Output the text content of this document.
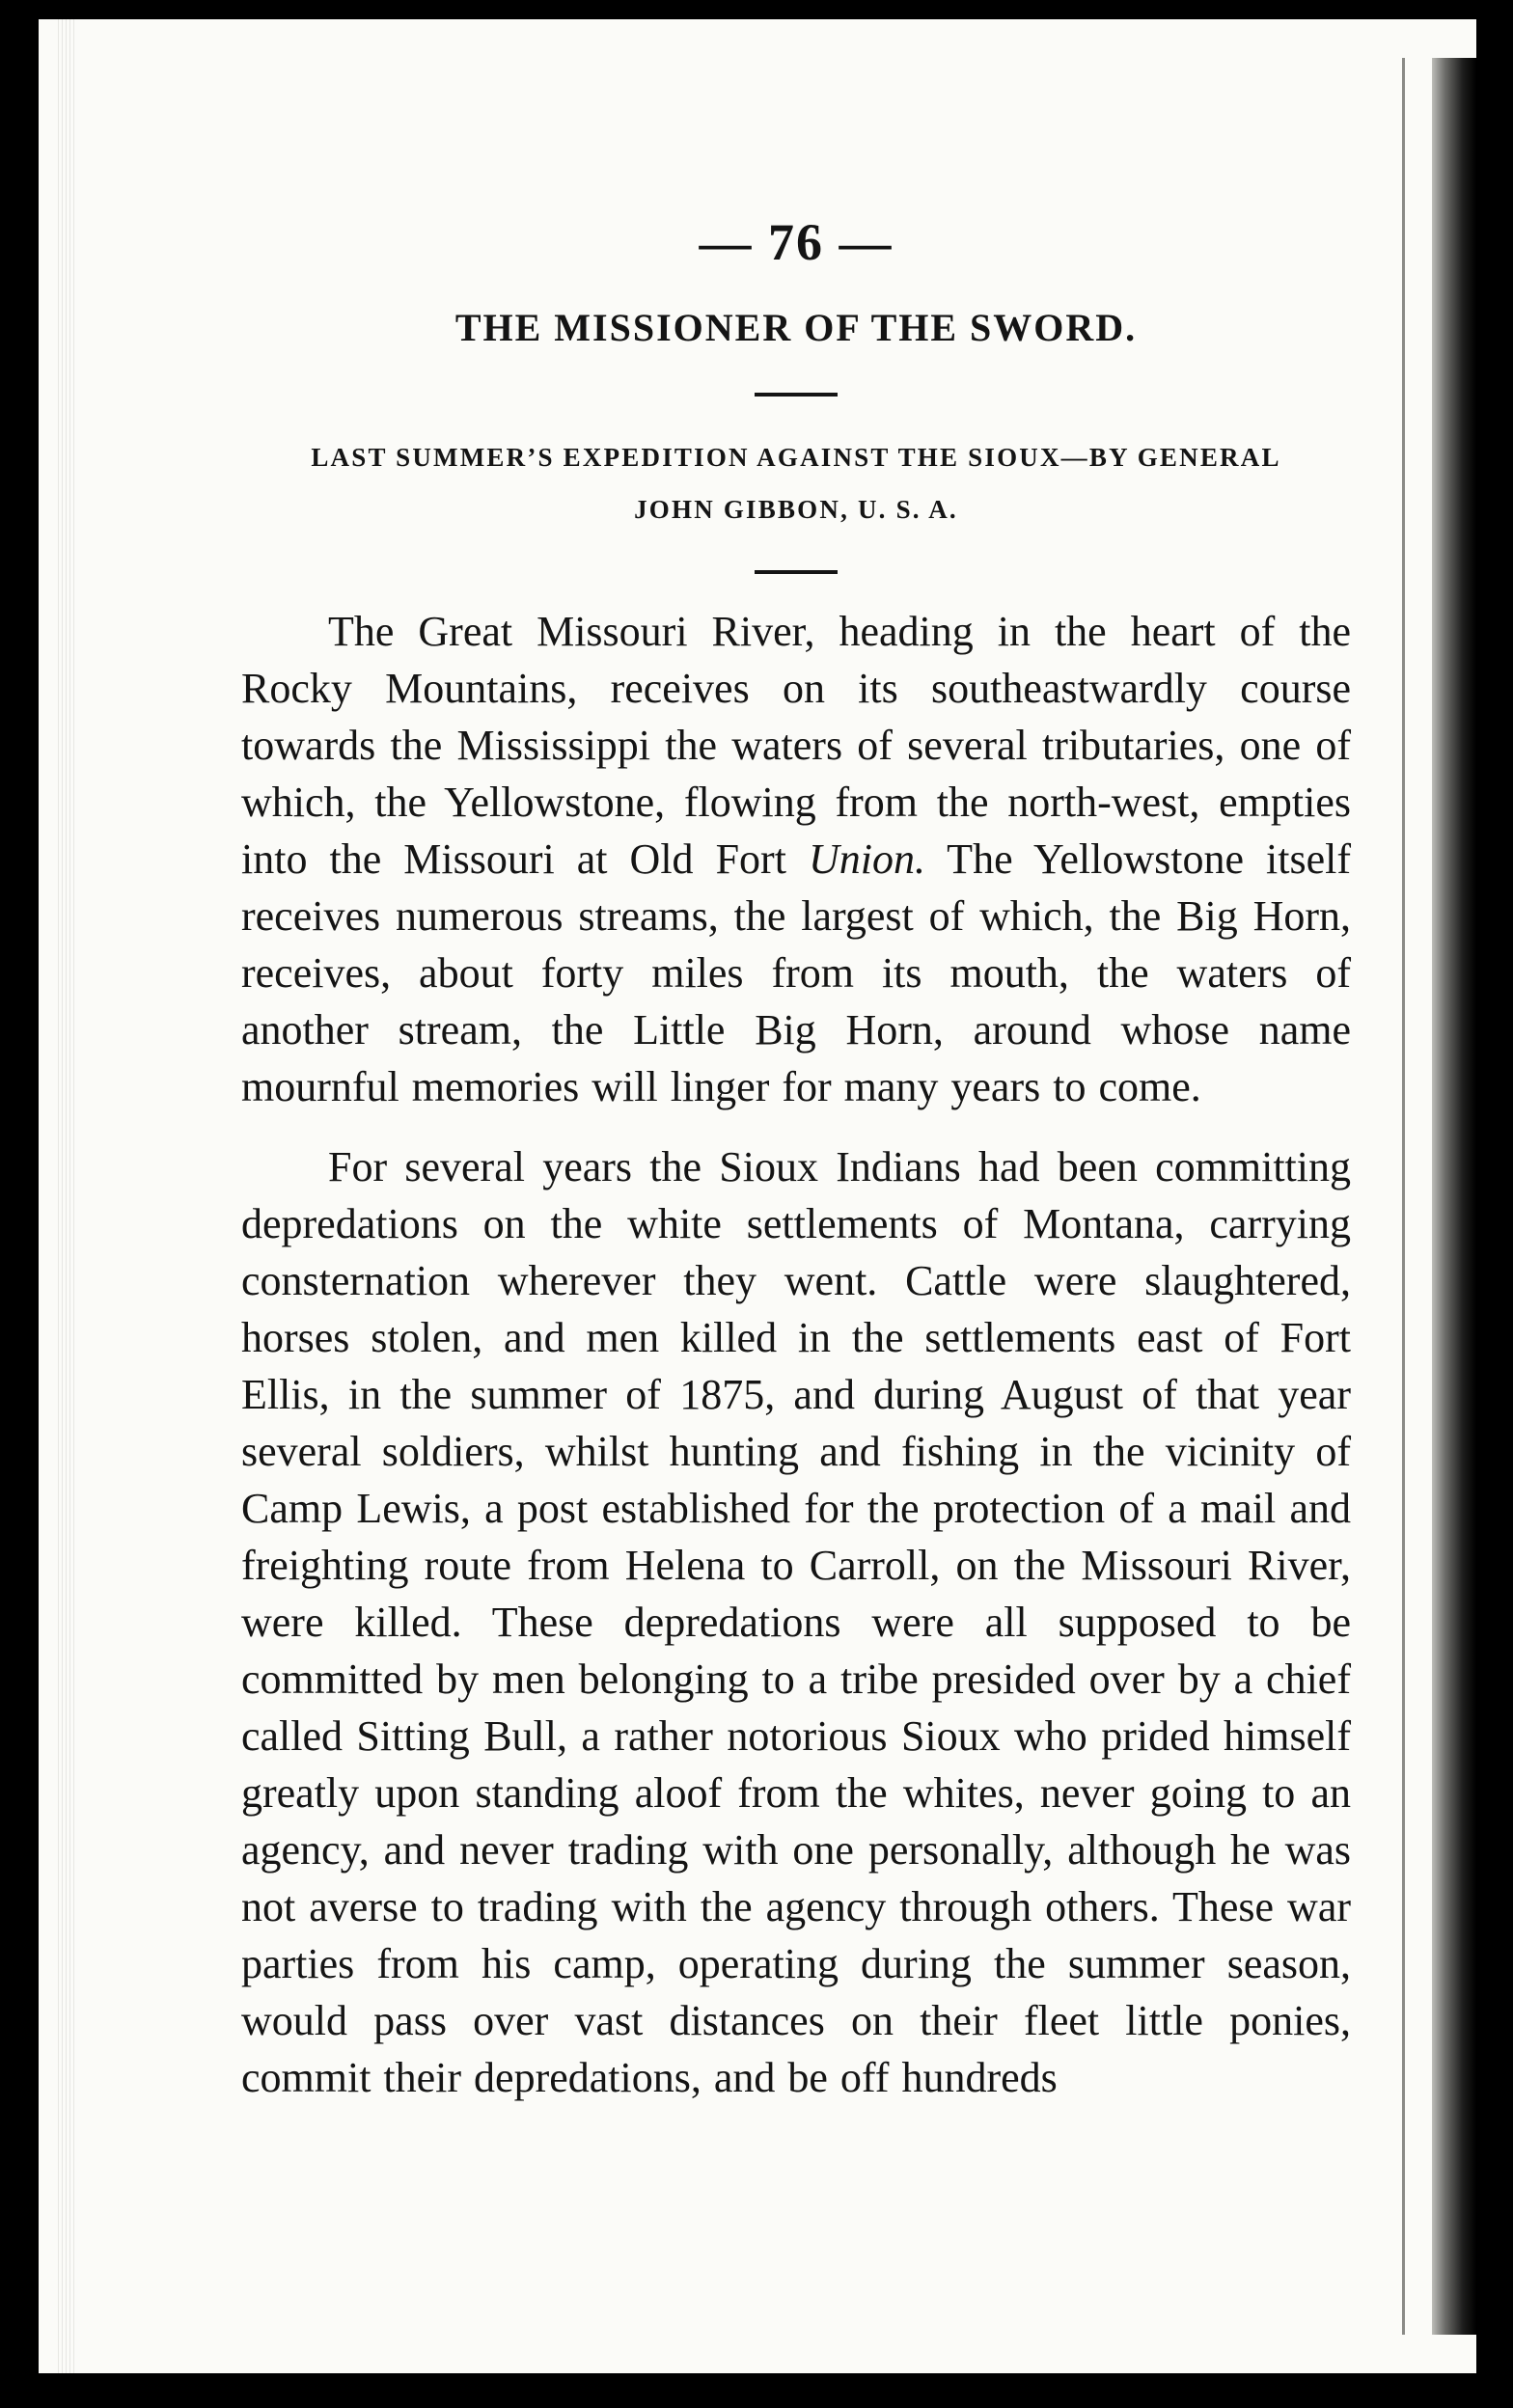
— 76 —
THE MISSIONER OF THE SWORD.
LAST SUMMER’S EXPEDITION AGAINST THE SIOUX—BY GENERAL
JOHN GIBBON, U. S. A.

The Great Missouri River, heading in the heart of the Rocky Mountains, receives on its southeastwardly course towards the Mississippi the waters of several tributaries, one of which, the Yellowstone, flowing from the north-west, empties into the Missouri at Old Fort Union. The Yellowstone itself receives numerous streams, the largest of which, the Big Horn, receives, about forty miles from its mouth, the waters of another stream, the Little Big Horn, around whose name mournful memories will linger for many years to come.

For several years the Sioux Indians had been committing depredations on the white settlements of Montana, carrying consternation wherever they went. Cattle were slaughtered, horses stolen, and men killed in the settlements east of Fort Ellis, in the summer of 1875, and during August of that year several soldiers, whilst hunting and fishing in the vicinity of Camp Lewis, a post established for the protection of a mail and freighting route from Helena to Carroll, on the Missouri River, were killed. These depredations were all supposed to be committed by men belonging to a tribe presided over by a chief called Sitting Bull, a rather notorious Sioux who prided himself greatly upon standing aloof from the whites, never going to an agency, and never trading with one personally, although he was not averse to trading with the agency through others. These war parties from his camp, operating during the summer season, would pass over vast distances on their fleet little ponies, commit their depredations, and be off hundreds
